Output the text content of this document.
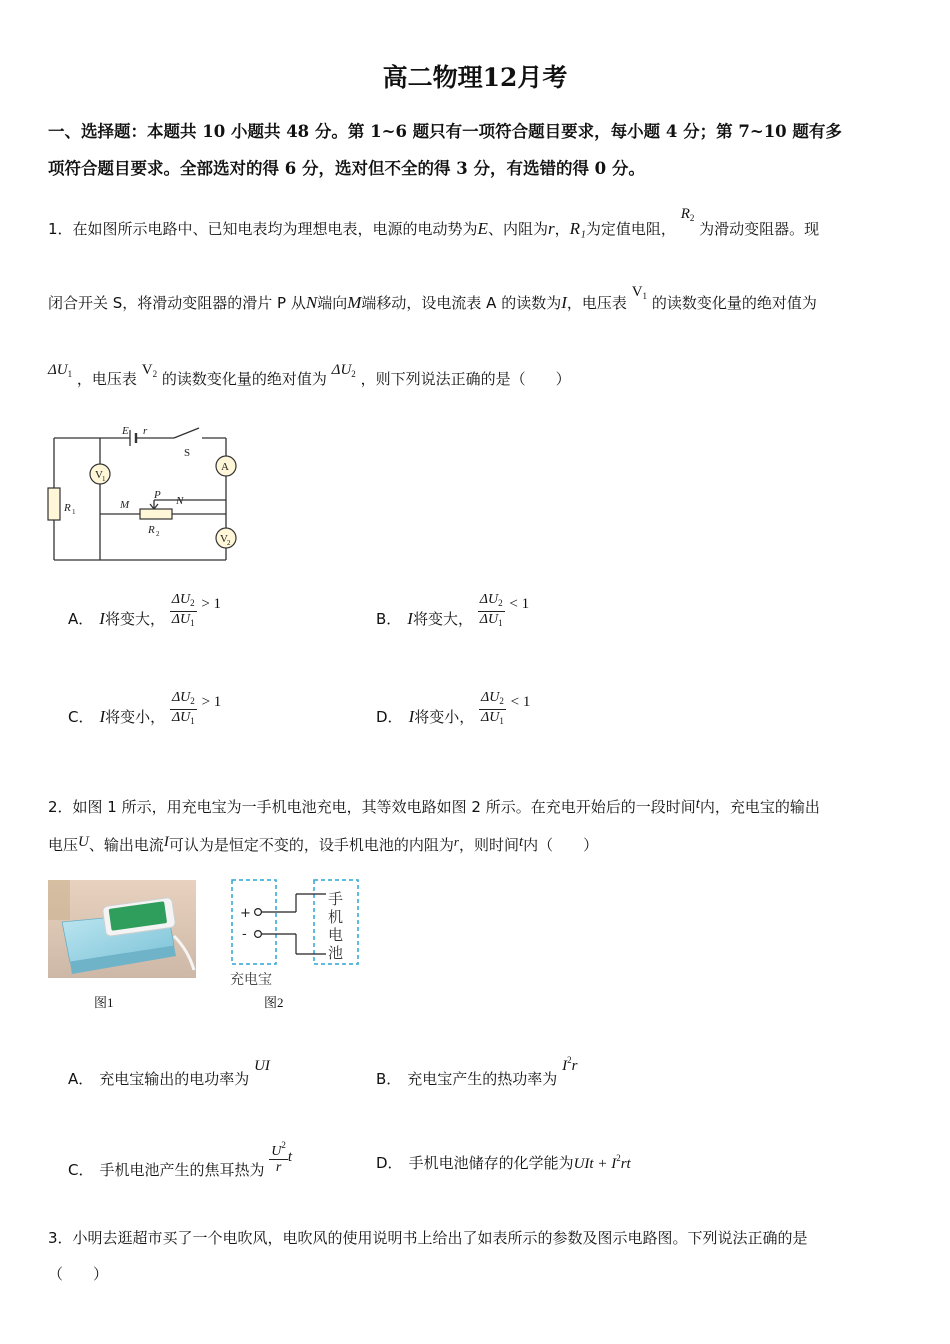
高二物理12月考
一、选择题：本题共 10 小题共 48 分。第 1~6 题只有一项符合题目要求，每小题 4 分；第 7~10 题有多
项符合题目要求。全部选对的得 6 分，选对但不全的得 3 分，有选错的得 0 分。
1．在如图所示电路中、已知电表均为理想电表，电源的电动势为E、内阻为r，R₁为定值电阻， $R_2$ 为滑动变阻器。现
闭合开关 S，将滑动变阻器的滑片 P 从N端向M端移动，设电流表 A 的读数为I，电压表 $V_1$ 的读数变化量的绝对值为
$\Delta U_1$ ，电压表 $V_2$ 的读数变化量的绝对值为 $\Delta U_2$ ，则下列说法正确的是（　　）
V 1
A
V 2
E r
S
R 1
R 2
M
P N
A． I将变大， $\frac{\Delta U_2}{\Delta U_1} > 1$
B． I将变大， $\frac{\Delta U_2}{\Delta U_1} < 1$
C． I将变小， $\frac{\Delta U_2}{\Delta U_1} > 1$
D． I将变小， $\frac{\Delta U_2}{\Delta U_1} < 1$
2．如图 1 所示，用充电宝为一手机电池充电，其等效电路如图 2 所示。在充电开始后的一段时间t内，充电宝的输出
电压U、输出电流I可认为是恒定不变的，设手机电池的内阻为r，则时间t内（　　）
图1
+
-
手
机
电
池
充电宝
图2
A． 充电宝输出的电功率为 UI
B． 充电宝产生的热功率为 $I^2r$
C． 手机电池产生的焦耳热为 $\frac{U^2}{r}$ t	D． 手机电池储存的化学能为UIt + $I^2rt$
3．小明去逛超市买了一个电吹风，电吹风的使用说明书上给出了如表所示的参数及图示电路图。下列说法正确的是
（　　）
